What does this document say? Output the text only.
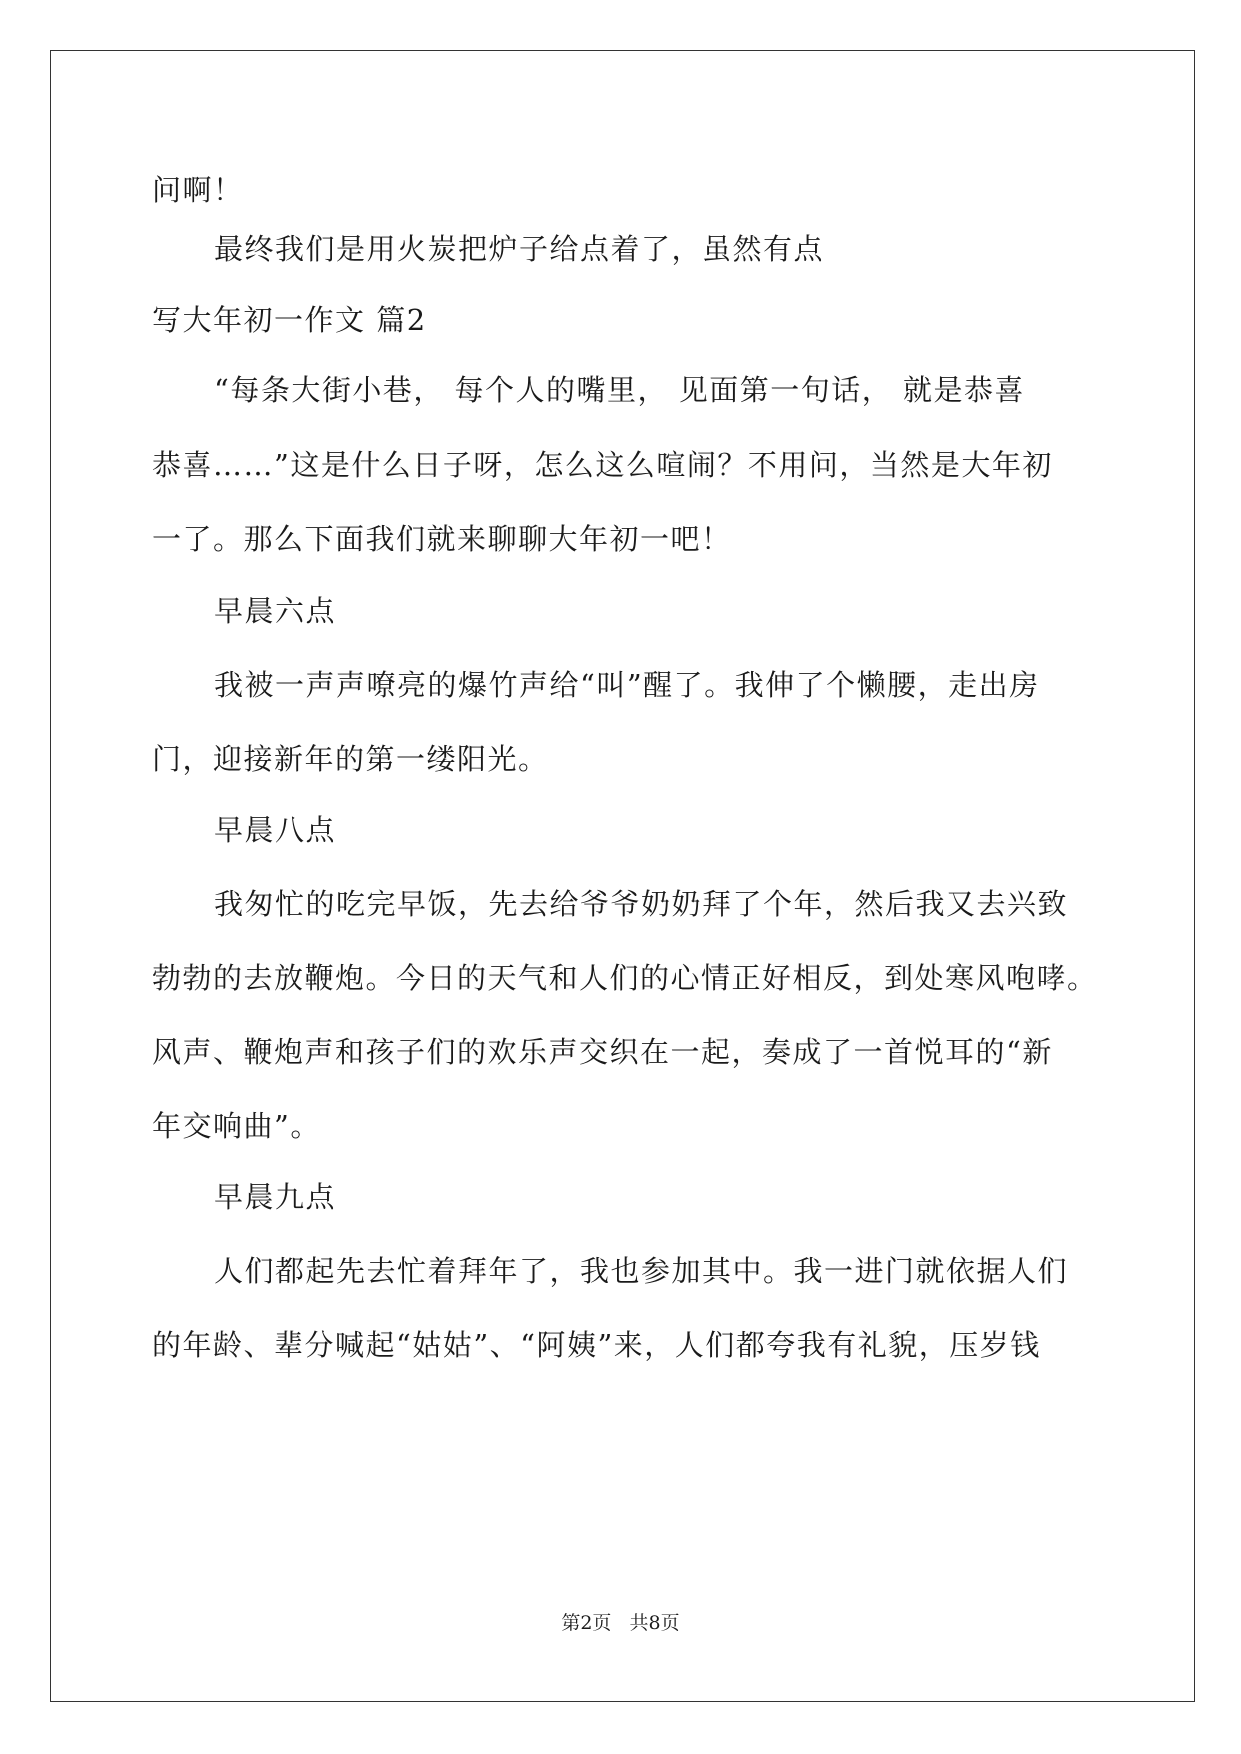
问啊！
最终我们是用火炭把炉子给点着了，虽然有点
写大年初一作文 篇2
“每条大街小巷， 每个人的嘴里， 见面第一句话， 就是恭喜
恭喜……”这是什么日子呀，怎么这么喧闹？不用问，当然是大年初
一了。那么下面我们就来聊聊大年初一吧！
早晨六点
我被一声声嘹亮的爆竹声给“叫”醒了。我伸了个懒腰，走出房
门，迎接新年的第一缕阳光。
早晨八点
我匆忙的吃完早饭，先去给爷爷奶奶拜了个年，然后我又去兴致
勃勃的去放鞭炮。今日的天气和人们的心情正好相反，到处寒风咆哮。
风声、鞭炮声和孩子们的欢乐声交织在一起，奏成了一首悦耳的“新
年交响曲”。
早晨九点
人们都起先去忙着拜年了，我也参加其中。我一进门就依据人们
的年龄、辈分喊起“姑姑”、“阿姨”来，人们都夸我有礼貌，压岁钱
第2页   共8页
